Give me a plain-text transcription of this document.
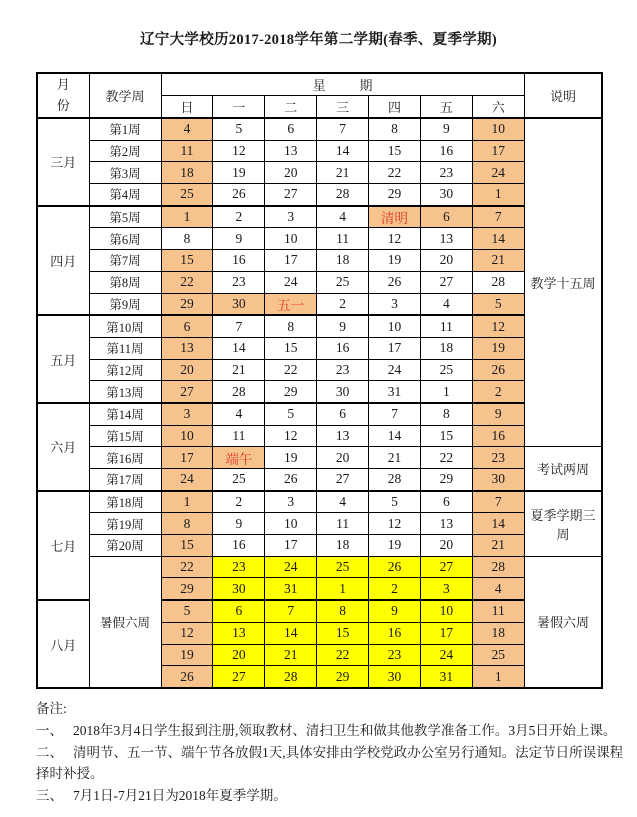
辽宁大学校历2017-2018学年第二学期(春季、夏季学期)
月份	教学周	星期							说明
		日	一	二	三	四	五	六	
三月	第1周	4	5	6	7	8	9	10	教学十五周
	第2周	11	12	13	14	15	16	17	
	第3周	18	19	20	21	22	23	24	
	第4周	25	26	27	28	29	30	1	
四月	第5周	1	2	3	4	清明	6	7	
	第6周	8	9	10	11	12	13	14	
	第7周	15	16	17	18	19	20	21	
	第8周	22	23	24	25	26	27	28	
	第9周	29	30	五一	2	3	4	5	
五月	第10周	6	7	8	9	10	11	12	
	第11周	13	14	15	16	17	18	19	
	第12周	20	21	22	23	24	25	26	
	第13周	27	28	29	30	31	1	2	
六月	第14周	3	4	5	6	7	8	9	
	第15周	10	11	12	13	14	15	16	
	第16周	17	端午	19	20	21	22	23	考试两周
	第17周	24	25	26	27	28	29	30	
七月	第18周	1	2	3	4	5	6	7	夏季学期三周
	第19周	8	9	10	11	12	13	14	
	第20周	15	16	17	18	19	20	21	
	暑假六周	22	23	24	25	26	27	28	暑假六周
		29	30	31	1	2	3	4	
八月		5	6	7	8	9	10	11	
		12	13	14	15	16	17	18	
		19	20	21	22	23	24	25	
		26	27	28	29	30	31	1	
备注:
一、 2018年3月4日学生报到注册,领取教材、清扫卫生和做其他教学准备工作。3月5日开始上课。
二、 清明节、五一节、端午节各放假1天,具体安排由学校党政办公室另行通知。法定节日所误课程择时补授。
三、 7月1日-7月21日为2018年夏季学期。
